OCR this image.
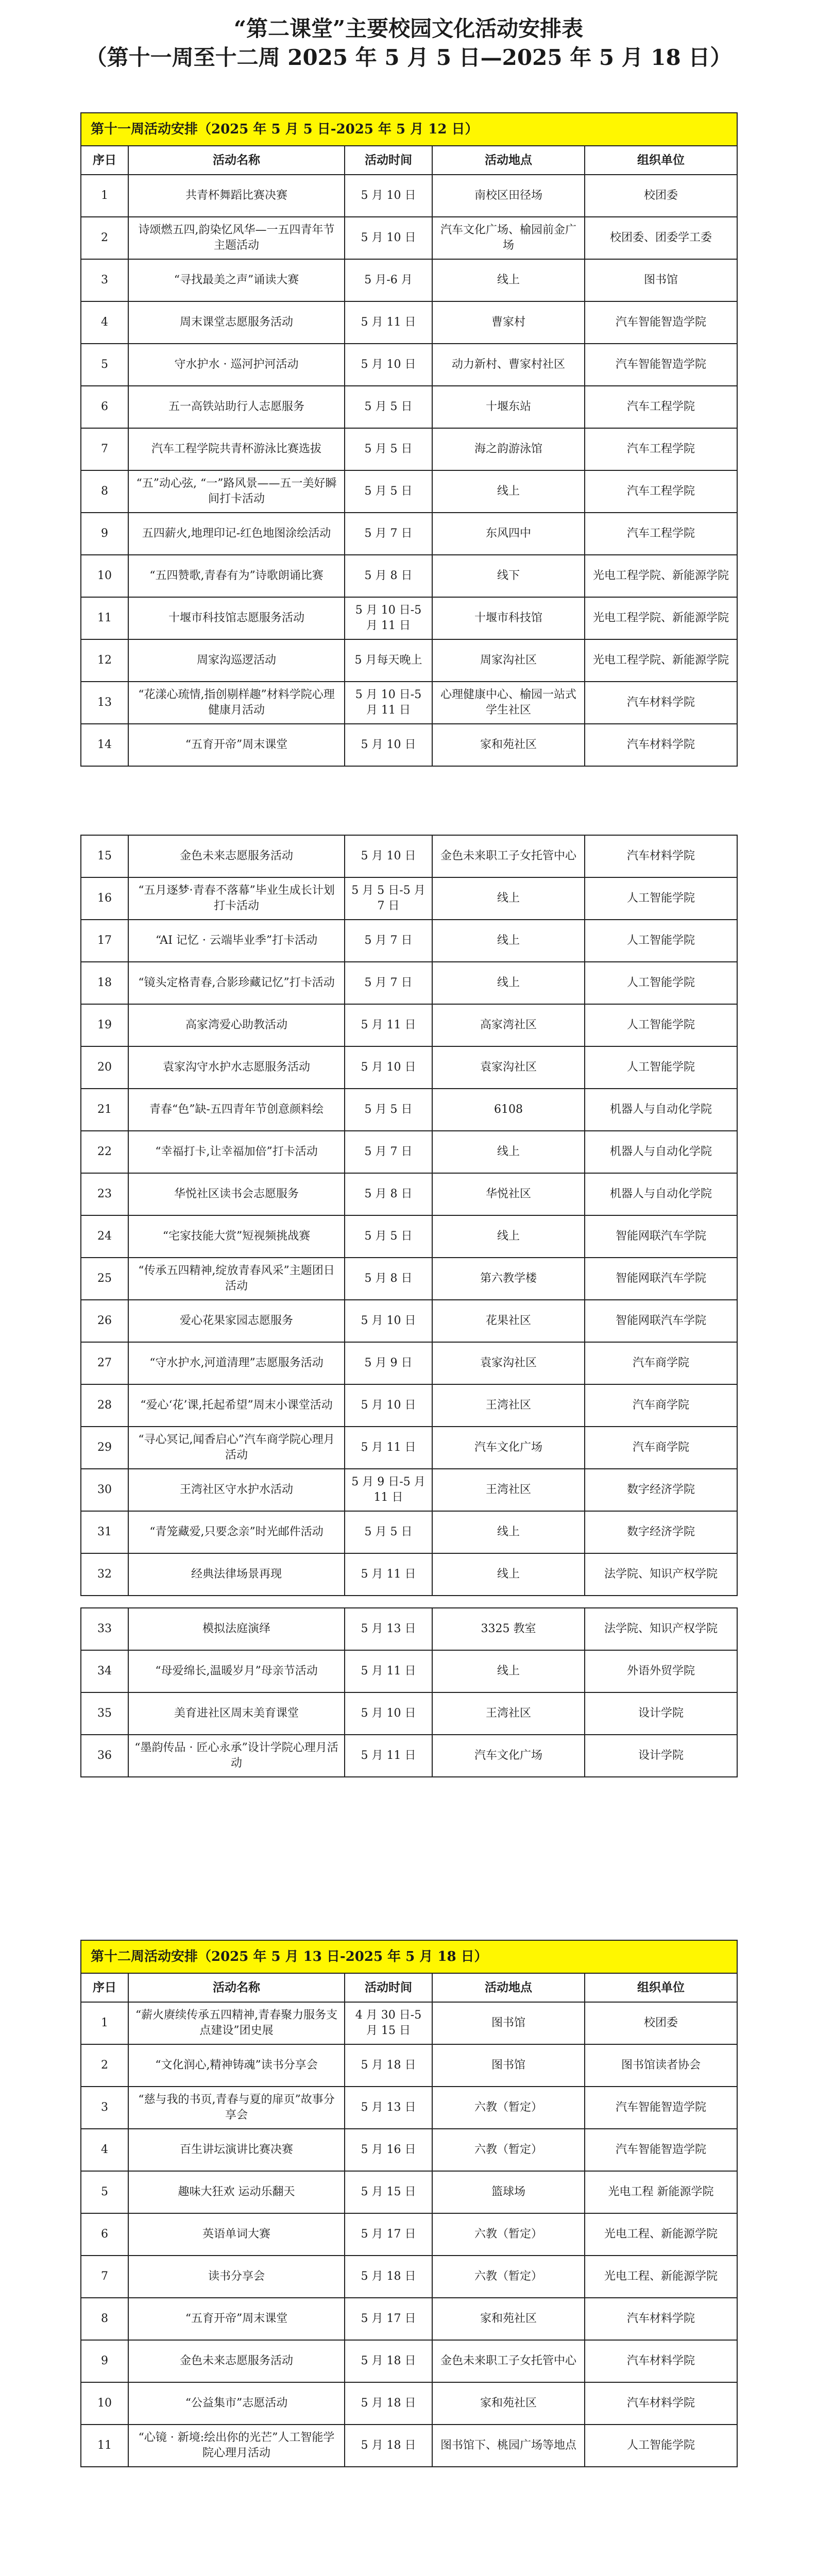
“第二课堂”主要校园文化活动安排表

（第十一周至十二周 2025 年 5 月 5 日—2025 年 5 月 18 日）

第十一周活动安排（2025 年 5 月 5 日-2025 年 5 月 12 日）				
序日	活动名称	活动时间	活动地点	组织单位
1	共青杯舞蹈比赛决赛	5 月 10 日	南校区田径场	校团委
2	诗颂燃五四,韵染忆风华—一五四青年节主题活动	5 月 10 日	汽车文化广场、榆园前金广场	校团委、团委学工委
3	“寻找最美之声”诵读大赛	5 月-6 月	线上	图书馆
4	周末课堂志愿服务活动	5 月 11 日	曹家村	汽车智能智造学院
5	守水护水 · 巡河护河活动	5 月 10 日	动力新村、曹家村社区	汽车智能智造学院
6	五一高铁站助行人志愿服务	5 月 5 日	十堰东站	汽车工程学院
7	汽车工程学院共青杯游泳比赛选拔	5 月 5 日	海之韵游泳馆	汽车工程学院
8	“五”动心弦, “一”路风景——五一美好瞬间打卡活动	5 月 5 日	线上	汽车工程学院
9	五四薪火,地理印记-红色地图涂绘活动	5 月 7 日	东风四中	汽车工程学院
10	“五四赞歌,青春有为”诗歌朗诵比赛	5 月 8 日	线下	光电工程学院、新能源学院
11	十堰市科技馆志愿服务活动	5 月 10 日-5 月 11 日	十堰市科技馆	光电工程学院、新能源学院
12	周家沟巡逻活动	5 月每天晚上	周家沟社区	光电工程学院、新能源学院
13	“花漾心琉情,指创剔样趣”材料学院心理健康月活动	5 月 10 日-5 月 11 日	心理健康中心、榆园一站式学生社区	汽车材料学院
14	“五育开帝”周末课堂	5 月 10 日	家和苑社区	汽车材料学院
15	金色未来志愿服务活动	5 月 10 日	金色未来职工子女托管中心	汽车材料学院
16	“五月逐梦·青春不落幕”毕业生成长计划打卡活动	5 月 5 日-5 月 7 日	线上	人工智能学院
17	“AI 记忆 · 云端毕业季”打卡活动	5 月 7 日	线上	人工智能学院
18	“镜头定格青春,合影珍藏记忆”打卡活动	5 月 7 日	线上	人工智能学院
19	高家湾爱心助教活动	5 月 11 日	高家湾社区	人工智能学院
20	袁家沟守水护水志愿服务活动	5 月 10 日	袁家沟社区	人工智能学院
21	青春“色”缺-五四青年节创意颜料绘	5 月 5 日	6108	机器人与自动化学院
22	“幸福打卡,让幸福加倍”打卡活动	5 月 7 日	线上	机器人与自动化学院
23	华悦社区读书会志愿服务	5 月 8 日	华悦社区	机器人与自动化学院
24	“宅家技能大赏”短视频挑战赛	5 月 5 日	线上	智能网联汽车学院
25	“传承五四精神,绽放青春风采”主题团日活动	5 月 8 日	第六教学楼	智能网联汽车学院
26	爱心花果家园志愿服务	5 月 10 日	花果社区	智能网联汽车学院
27	“守水护水,河道清理”志愿服务活动	5 月 9 日	袁家沟社区	汽车商学院
28	“爱心‘花’课,托起希望”周末小课堂活动	5 月 10 日	王湾社区	汽车商学院
29	“寻心冥记,闻香启心”汽车商学院心理月活动	5 月 11 日	汽车文化广场	汽车商学院
30	王湾社区守水护水活动	5 月 9 日-5 月 11 日	王湾社区	数字经济学院
31	“青笼藏爱,只要念亲”时光邮件活动	5 月 5 日	线上	数字经济学院
32	经典法律场景再现	5 月 11 日	线上	法学院、知识产权学院
33	模拟法庭演绎	5 月 13 日	3325 教室	法学院、知识产权学院
34	“母爱绵长,温暖岁月”母亲节活动	5 月 11 日	线上	外语外贸学院
35	美育进社区周末美育课堂	5 月 10 日	王湾社区	设计学院
36	“墨韵传品 · 匠心永承”设计学院心理月活动	5 月 11 日	汽车文化广场	设计学院
第十二周活动安排（2025 年 5 月 13 日-2025 年 5 月 18 日）				
序日	活动名称	活动时间	活动地点	组织单位
1	“薪火赓续传承五四精神,青春聚力服务支点建设”团史展	4 月 30 日-5 月 15 日	图书馆	校团委
2	“文化润心,精神铸魂”读书分享会	5 月 18 日	图书馆	图书馆读者协会
3	“慈与我的书页,青春与夏的扉页”故事分享会	5 月 13 日	六教（暂定）	汽车智能智造学院
4	百生讲坛演讲比赛决赛	5 月 16 日	六教（暂定）	汽车智能智造学院
5	趣味大狂欢 运动乐翻天	5 月 15 日	篮球场	光电工程 新能源学院
6	英语单词大赛	5 月 17 日	六教（暂定）	光电工程、新能源学院
7	读书分享会	5 月 18 日	六教（暂定）	光电工程、新能源学院
8	“五育开帝”周末课堂	5 月 17 日	家和苑社区	汽车材料学院
9	金色未来志愿服务活动	5 月 18 日	金色未来职工子女托管中心	汽车材料学院
10	“公益集市”志愿活动	5 月 18 日	家和苑社区	汽车材料学院
11	“心镜 · 新境:绘出你的光芒”人工智能学院心理月活动	5 月 18 日	图书馆下、桃园广场等地点	人工智能学院
